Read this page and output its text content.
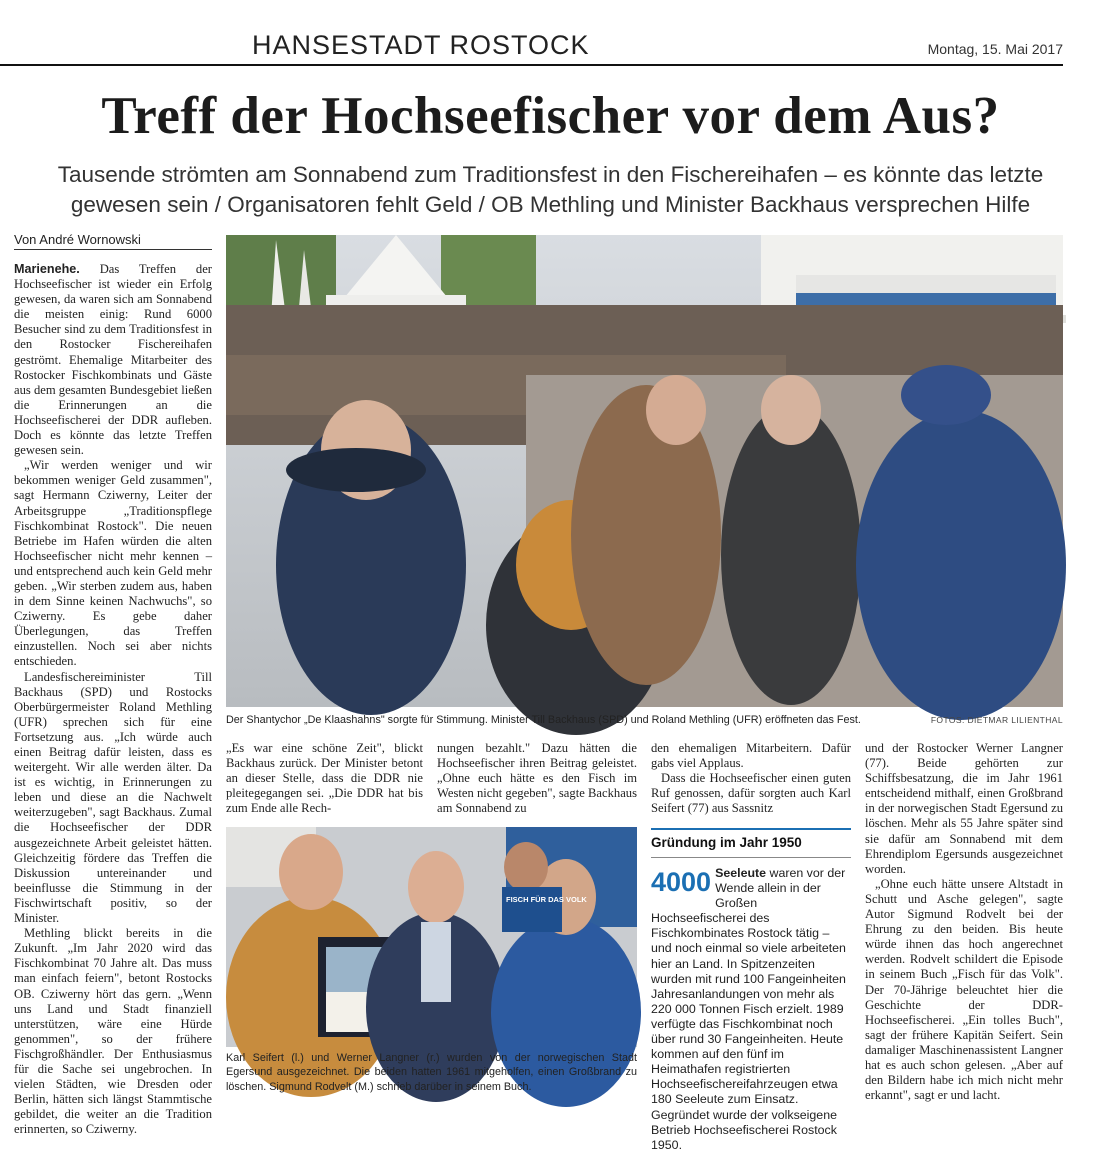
HANSESTADT ROSTOCK	Montag, 15. Mai 2017
Treff der Hochseefischer vor dem Aus?
Tausende strömten am Sonnabend zum Traditionsfest in den Fischereihafen – es könnte das letzte
gewesen sein / Organisatoren fehlt Geld / OB Methling und Minister Backhaus versprechen Hilfe
Von André Wornowski

Marienehe. Das Treffen der Hochseefischer ist wieder ein Erfolg gewesen, da waren sich am Sonnabend die meisten einig: Rund 6000 Besucher sind zu dem Traditionsfest in den Rostocker Fischereihafen geströmt. Ehemalige Mitarbeiter des Rostocker Fischkombinats und Gäste aus dem gesamten Bundesgebiet ließen die Erinnerungen an die Hochseefischerei der DDR aufleben. Doch es könnte das letzte Treffen gewesen sein.

„Wir werden weniger und wir bekommen weniger Geld zusammen", sagt Hermann Cziwerny, Leiter der Arbeitsgruppe „Traditionspflege Fischkombinat Rostock". Die neuen Betriebe im Hafen würden die alten Hochseefischer nicht mehr kennen – und entsprechend auch kein Geld mehr geben. „Wir sterben zudem aus, haben in dem Sinne keinen Nachwuchs", so Cziwerny. Es gebe daher Überlegungen, das Treffen einzustellen. Noch sei aber nichts entschieden.

Landesfischereiminister Till Backhaus (SPD) und Rostocks Oberbürgermeister Roland Methling (UFR) sprechen sich für eine Fortsetzung aus. „Ich würde auch einen Beitrag dafür leisten, dass es weitergeht. Wir alle werden älter. Da ist es wichtig, in Erinnerungen zu leben und diese an die Nachwelt weiterzugeben", sagt Backhaus. Zumal die Hochseefischer der DDR ausgezeichnete Arbeit geleistet hätten. Gleichzeitig fördere das Treffen die Diskussion untereinander und beeinflusse die Stimmung in der Fischwirtschaft positiv, so der Minister.

Methling blickt bereits in die Zukunft. „Im Jahr 2020 wird das Fischkombinat 70 Jahre alt. Das muss man einfach feiern", betont Rostocks OB. Cziwerny hört das gern. „Wenn uns Land und Stadt finanziell unterstützen, wäre eine Hürde genommen", so der frühere Fischgroßhändler. Der Enthusiasmus für die Sache sei ungebrochen. In vielen Städten, wie Dresden oder Berlin, hätten sich längst Stammtische gebildet, die weiter an die Tradition erinnerten, so Cziwerny.

Der Shantychor „De Klaashahns" sorgte für Stimmung. Minister Till Backhaus (SPD) und Roland Methling (UFR) eröffneten das Fest.	FOTOS: DIETMAR LILIENTHAL

„Es war eine schöne Zeit", blickt Backhaus zurück. Der Minister betont an dieser Stelle, dass die DDR nie pleitegegangen sei. „Die DDR hat bis zum Ende alle Rech-

nungen bezahlt." Dazu hätten die Hochseefischer ihren Beitrag geleistet. „Ohne euch hätte es den Fisch im Westen nicht gegeben", sagte Backhaus am Sonnabend zu

den ehemaligen Mitarbeitern. Dafür gabs viel Applaus.

Dass die Hochseefischer einen guten Ruf genossen, dafür sorgten auch Karl Seifert (77) aus Sassnitz

und der Rostocker Werner Langner (77). Beide gehörten zur Schiffsbesatzung, die im Jahr 1961 entscheidend mithalf, einen Großbrand in der norwegischen Stadt Egersund zu löschen. Mehr als 55 Jahre später sind sie dafür am Sonnabend mit dem Ehrendiplom Egersunds ausgezeichnet worden.

„Ohne euch hätte unsere Altstadt in Schutt und Asche gelegen", sagte Autor Sigmund Rodvelt bei der Ehrung zu den beiden. Bis heute würde ihnen das hoch angerechnet werden. Rodvelt schildert die Episode in seinem Buch „Fisch für das Volk". Der 70-Jährige beleuchtet hier die Geschichte der DDR-Hochseefischerei. „Ein tolles Buch", sagt der frühere Kapitän Seifert. Sein damaliger Maschinenassistent Langner hat es auch schon gelesen. „Aber auf den Bildern habe ich mich nicht mehr erkannt", sagt er und lacht.

FISCH FÜR DAS VOLK
Karl Seifert (l.) und Werner Langner (r.) wurden von der norwegischen Stadt Egersund ausgezeichnet. Die beiden hatten 1961 mitgeholfen, einen Großbrand zu löschen. Sigmund Rodvelt (M.) schrieb darüber in seinem Buch.
Gründung im Jahr 1950
4000 Seeleute waren vor der Wende allein in der Großen Hochseefischerei des Fischkombinates Rostock tätig – und noch einmal so viele arbeiteten hier an Land. In Spitzenzeiten wurden mit rund 100 Fangeinheiten Jahresanlandungen von mehr als 220 000 Tonnen Fisch erzielt. 1989 verfügte das Fischkombinat noch über rund 30 Fangeinheiten. Heute kommen auf den fünf im Heimathafen registrierten Hochseefischereifahrzeugen etwa 180 Seeleute zum Einsatz. Gegründet wurde der volkseigene Betrieb Hochseefischerei Rostock 1950.
